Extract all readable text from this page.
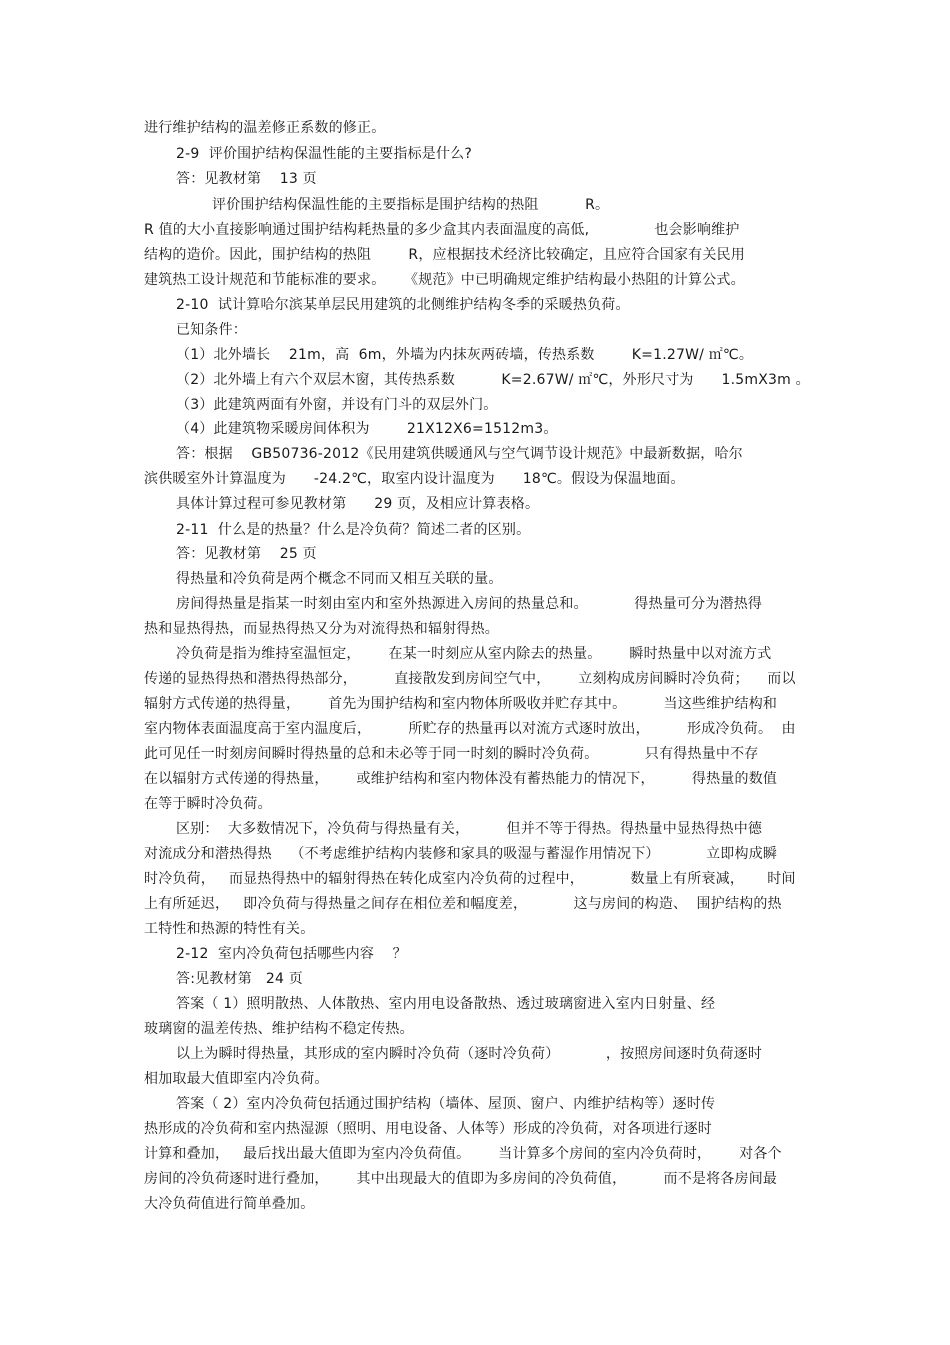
进行维护结构的温差修正系数的修正。
2-9  评价围护结构保温性能的主要指标是什么?
答：见教材第    13 页
评价围护结构保温性能的主要指标是围护结构的热阻          R。
R 值的大小直接影响通过围护结构耗热量的多少盒其内表面温度的高低,              也会影响维护
结构的造价。因此，围护结构的热阻        R，应根据技术经济比较确定，且应符合国家有关民用
建筑热工设计规范和节能标准的要求。    《规范》中已明确规定维护结构最小热阻的计算公式。
2-10  试计算哈尔滨某单层民用建筑的北侧维护结构冬季的采暖热负荷。
已知条件：
（1）北外墙长    21m，高  6m，外墙为内抹灰两砖墙，传热系数        K=1.27W/ ㎡℃。
（2）北外墙上有六个双层木窗，其传热系数          K=2.67W/ ㎡℃，外形尺寸为      1.5mX3m 。
（3）此建筑两面有外窗，并设有门斗的双层外门。
（4）此建筑物采暖房间体积为        21X12X6=1512m3。
答：根据    GB50736-2012《民用建筑供暖通风与空气调节设计规范》中最新数据，哈尔
滨供暖室外计算温度为      -24.2℃，取室内设计温度为      18℃。假设为保温地面。
具体计算过程可参见教材第      29 页，及相应计算表格。
2-11  什么是的热量？什么是冷负荷？简述二者的区别。
答：见教材第    25 页
得热量和冷负荷是两个概念不同而又相互关联的量。
房间得热量是指某一时刻由室内和室外热源进入房间的热量总和。          得热量可分为潜热得
热和显热得热，而显热得热又分为对流得热和辐射得热。
冷负荷是指为维持室温恒定，      在某一时刻应从室内除去的热量。      瞬时热量中以对流方式
传递的显热得热和潜热得热部分，        直接散发到房间空气中，      立刻构成房间瞬时冷负荷；    而以
辐射方式传递的热得量，      首先为围护结构和室内物体所吸收并贮存其中。        当这些维护结构和
室内物体表面温度高于室内温度后，        所贮存的热量再以对流方式逐时放出，        形成冷负荷。  由
此可见任一时刻房间瞬时得热量的总和未必等于同一时刻的瞬时冷负荷。          只有得热量中不存
在以辐射方式传递的得热量，      或维护结构和室内物体没有蓄热能力的情况下，        得热量的数值
在等于瞬时冷负荷。
区别：  大多数情况下，冷负荷与得热量有关，        但并不等于得热。得热量中显热得热中德
对流成分和潜热得热    （不考虑维护结构内装修和家具的吸湿与蓄湿作用情况下）          立即构成瞬
时冷负荷，   而显热得热中的辐射得热在转化成室内冷负荷的过程中，          数量上有所衰减，     时间
上有所延迟，   即冷负荷与得热量之间存在相位差和幅度差，          这与房间的构造、  围护结构的热
工特性和热源的特性有关。
2-12  室内冷负荷包括哪些内容    ？
答:见教材第   24 页
答案（ 1）照明散热、人体散热、室内用电设备散热、透过玻璃窗进入室内日射量、经
玻璃窗的温差传热、维护结构不稳定传热。
以上为瞬时得热量，其形成的室内瞬时冷负荷（逐时冷负荷）          ，按照房间逐时负荷逐时
相加取最大值即室内冷负荷。
答案（ 2）室内冷负荷包括通过围护结构（墙体、屋顶、窗户、内维护结构等）逐时传
热形成的冷负荷和室内热湿源（照明、用电设备、人体等）形成的冷负荷，对各项进行逐时
计算和叠加，   最后找出最大值即为室内冷负荷值。      当计算多个房间的室内冷负荷时，      对各个
房间的冷负荷逐时进行叠加，      其中出现最大的值即为多房间的冷负荷值，        而不是将各房间最
大冷负荷值进行简单叠加。
